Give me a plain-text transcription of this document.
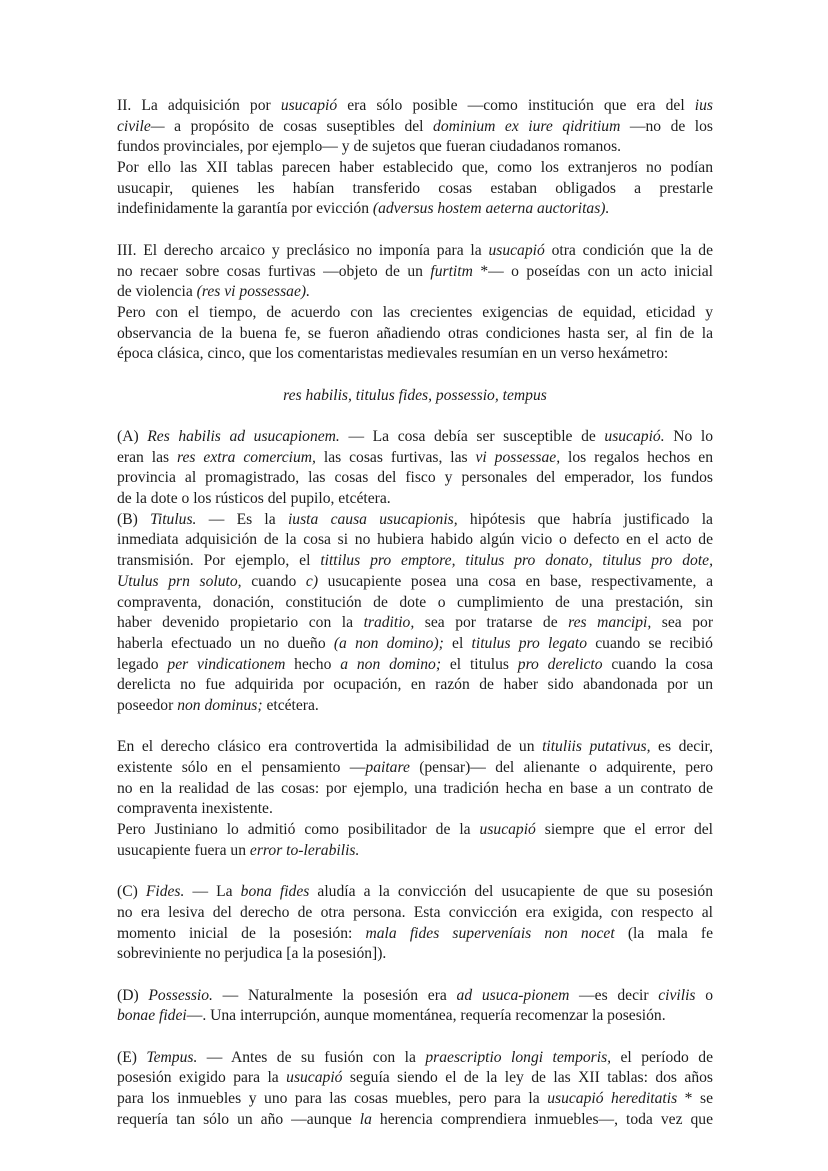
II. La adquisición por usucapió era sólo posible —como institución que era del ius
civile— a propósito de cosas suseptibles del dominium ex iure qidritium —no de los
fundos provinciales, por ejemplo— y de sujetos que fueran ciudadanos romanos.
Por ello las XII tablas parecen haber establecido que, como los extranjeros no podían
usucapir, quienes les habían transferido cosas estaban obligados a prestarle
indefinidamente la garantía por evicción (adversus hostem aeterna auctoritas).
III. El derecho arcaico y preclásico no imponía para la usucapió otra condición que la de
no recaer sobre cosas furtivas —objeto de un furtitm *— o poseídas con un acto inicial
de violencia (res vi possessae).
Pero con el tiempo, de acuerdo con las crecientes exigencias de equidad, eticidad y
observancia de la buena fe, se fueron añadiendo otras condiciones hasta ser, al fin de la
época clásica, cinco, que los comentaristas medievales resumían en un verso hexámetro:
res habilis, titulus fides, possessio, tempus
(A) Res habilis ad usucapionem. — La cosa debía ser susceptible de usucapió. No lo
eran las res extra comercium, las cosas furtivas, las vi possessae, los regalos hechos en
provincia al promagistrado, las cosas del fisco y personales del emperador, los fundos
de la dote o los rústicos del pupilo, etcétera.
(B) Titulus. — Es la iusta causa usucapionis, hipótesis que habría justificado la
inmediata adquisición de la cosa si no hubiera habido algún vicio o defecto en el acto de
transmisión. Por ejemplo, el tittilus pro emptore, titulus pro donato, titulus pro dote,
Utulus prn soluto, cuando c) usucapiente posea una cosa en base, respectivamente, a
compraventa, donación, constitución de dote o cumplimiento de una prestación, sin
haber devenido propietario con la traditio, sea por tratarse de res mancipi, sea por
haberla efectuado un no dueño (a non domino); el titulus pro legato cuando se recibió
legado per vindicationem hecho a non domino; el titulus pro derelicto cuando la cosa
derelicta no fue adquirida por ocupación, en razón de haber sido abandonada por un
poseedor non dominus; etcétera.
En el derecho clásico era controvertida la admisibilidad de un tituliis putativus, es decir,
existente sólo en el pensamiento —paitare (pensar)— del alienante o adquirente, pero
no en la realidad de las cosas: por ejemplo, una tradición hecha en base a un contrato de
compraventa inexistente.
Pero Justiniano lo admitió como posibilitador de la usucapió siempre que el error del
usucapiente fuera un error to-lerabilis.
(C) Fides. — La bona fides aludía a la convicción del usucapiente de que su posesión
no era lesiva del derecho de otra persona. Esta convicción era exigida, con respecto al
momento inicial de la posesión: mala fides superveníais non nocet (la mala fe
sobreviniente no perjudica [a la posesión]).
(D) Possessio. — Naturalmente la posesión era ad usuca-pionem —es decir civilis o
bonae fidei—. Una interrupción, aunque momentánea, requería recomenzar la posesión.
(E) Tempus. — Antes de su fusión con la praescriptio longi temporis, el período de
posesión exigido para la usucapió seguía siendo el de la ley de las XII tablas: dos años
para los inmuebles y uno para las cosas muebles, pero para la usucapió hereditatis * se
requería tan sólo un año —aunque la herencia comprendiera inmuebles—, toda vez que
